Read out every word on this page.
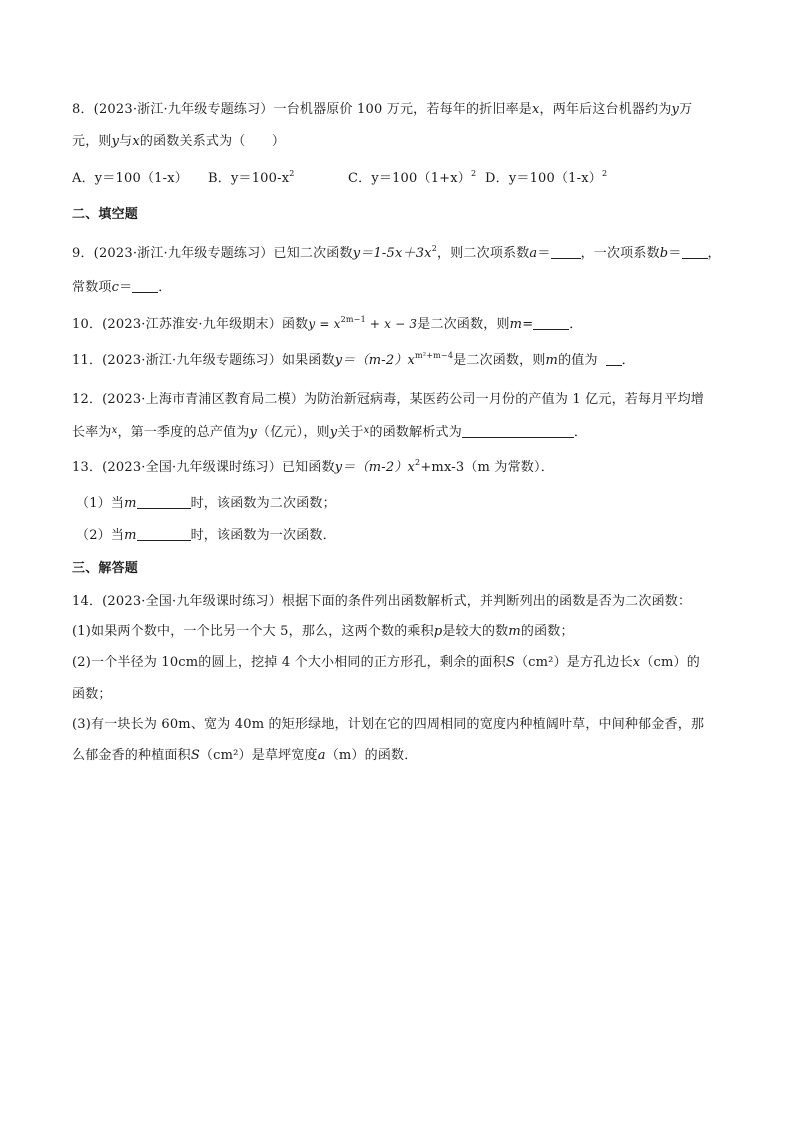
8．(2023·浙江·九年级专题练习）一台机器原价 100 万元，若每年的折旧率是x，两年后这台机器约为y万
元，则y与x的函数关系式为（　　）
A．y＝100（1-x） B．$y=100-x^2$	C．$y=100(1+x)^2$ D．$y=100(1-x)^2$
二、填空题
9．(2023·浙江·九年级专题练习）已知二次函数$y=1-5x+3x^2$，则二次项系数a＝ ，一次项系数b＝ ，
常数项c＝ ．
10．(2023·江苏淮安·九年级期末）函数$y = x^{2m-1} + x - 3$是二次函数，则m=	．
11．(2023·浙江·九年级专题练习）如果函数$y=(m-2)x^{m^2+m-4}$是二次函数，则m的值为 ．
12．(2023·上海市青浦区教育局二模）为防治新冠病毒，某医药公司一月份的产值为 1 亿元，若每月平均增
长率为$^x$，第一季度的总产值为y（亿元），则y关于$^x$的函数解析式为	．
13．(2023·全国·九年级课时练习）已知函数$y=(m-2)x^2+mx-3(m$ 为常数）．
（1）当m	时，该函数为二次函数；
（2）当m	时，该函数为一次函数．
三、解答题
14．(2023·全国·九年级课时练习）根据下面的条件列出函数解析式，并判断列出的函数是否为二次函数：
(1)如果两个数中，一个比另一个大 5，那么，这两个数的乘积p是较大的数m的函数；
(2)一个半径为 10cm的圆上，挖掉 4 个大小相同的正方形孔，剩余的面积S（cm²）是方孔边长x（cm）的
函数；
(3)有一块长为 60m、宽为 40m 的矩形绿地，计划在它的四周相同的宽度内种植阔叶草，中间种郁金香，那
么郁金香的种植面积S（cm²）是草坪宽度a（m）的函数．
